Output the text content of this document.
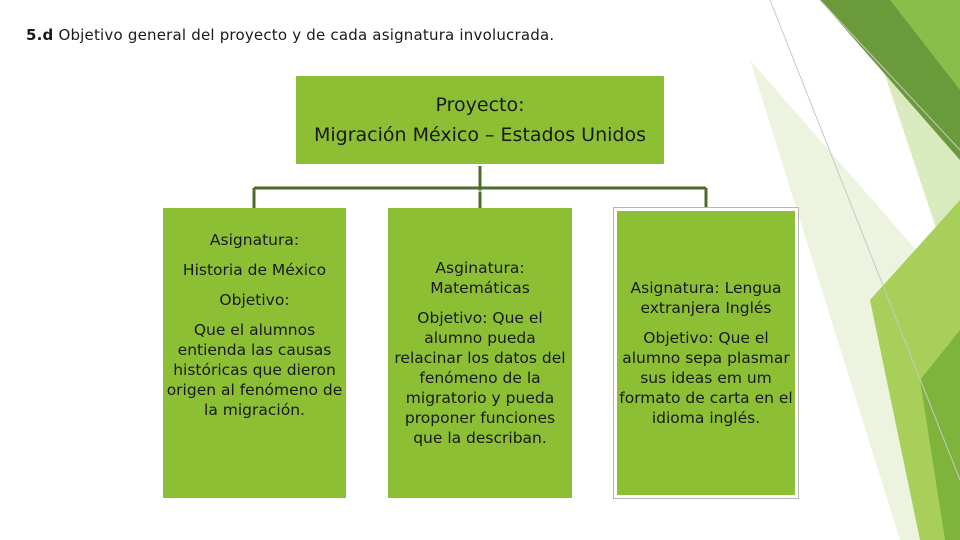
5.d Objetivo general del proyecto y de cada asignatura involucrada.
Proyecto:
Migración México – Estados Unidos
Asignatura:
Historia de México
Objetivo:
Que el alumnos entienda las causas históricas que dieron origen al fenómeno de la migración.
Asginatura: Matemáticas
Objetivo: Que el alumno pueda relacinar los datos del fenómeno de la migratorio y pueda proponer funciones que la describan.
Asignatura: Lengua extranjera Inglés
Objetivo: Que el alumno sepa plasmar sus ideas em um formato de carta en el idioma inglés.
